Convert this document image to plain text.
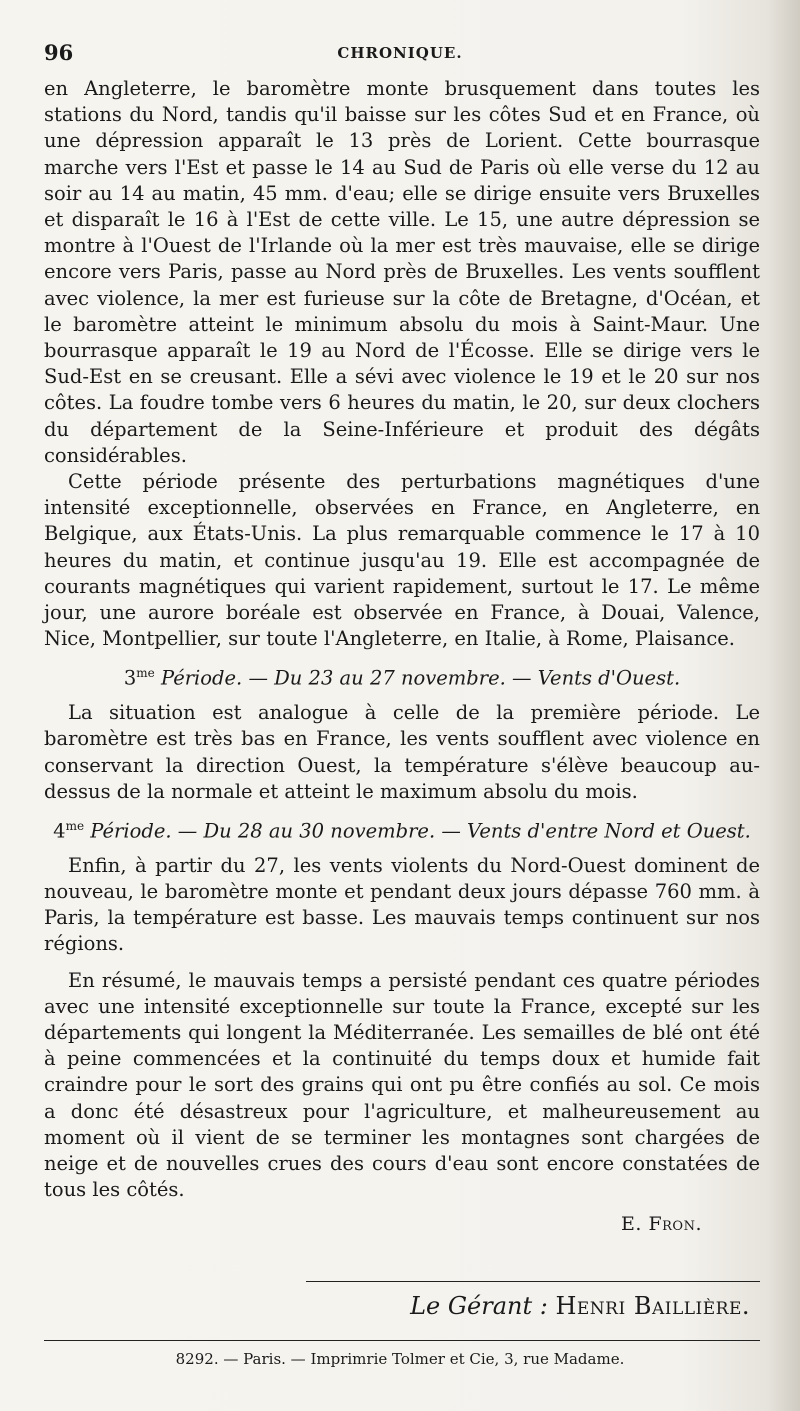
96	CHRONIQUE.

en Angleterre, le baromètre monte brusquement dans toutes les stations du Nord, tandis qu'il baisse sur les côtes Sud et en France, où une dépression apparaît le 13 près de Lorient. Cette bourrasque marche vers l'Est et passe le 14 au Sud de Paris où elle verse du 12 au soir au 14 au matin, 45 mm. d'eau; elle se dirige ensuite vers Bruxelles et disparaît le 16 à l'Est de cette ville. Le 15, une autre dépression se montre à l'Ouest de l'Irlande où la mer est très mauvaise, elle se dirige encore vers Paris, passe au Nord près de Bruxelles. Les vents soufflent avec violence, la mer est furieuse sur la côte de Bretagne, d'Océan, et le baromètre atteint le minimum absolu du mois à Saint-Maur. Une bourrasque apparaît le 19 au Nord de l'Écosse. Elle se dirige vers le Sud-Est en se creusant. Elle a sévi avec violence le 19 et le 20 sur nos côtes. La foudre tombe vers 6 heures du matin, le 20, sur deux clochers du département de la Seine-Inférieure et produit des dégâts considérables.

Cette période présente des perturbations magnétiques d'une intensité exceptionnelle, observées en France, en Angleterre, en Belgique, aux États-Unis. La plus remarquable commence le 17 à 10 heures du matin, et continue jusqu'au 19. Elle est accompagnée de courants magnétiques qui varient rapidement, surtout le 17. Le même jour, une aurore boréale est observée en France, à Douai, Valence, Nice, Montpellier, sur toute l'Angleterre, en Italie, à Rome, Plaisance.

$3^{me}$ Période. — Du 23 au 27 novembre. — Vents d'Ouest.

La situation est analogue à celle de la première période. Le baromètre est très bas en France, les vents soufflent avec violence en conservant la direction Ouest, la température s'élève beaucoup au-dessus de la normale et atteint le maximum absolu du mois.

$4^{me}$ Période. — Du 28 au 30 novembre. — Vents d'entre Nord et Ouest.

Enfin, à partir du 27, les vents violents du Nord-Ouest dominent de nouveau, le baromètre monte et pendant deux jours dépasse 760 mm. à Paris, la température est basse. Les mauvais temps continuent sur nos régions.

En résumé, le mauvais temps a persisté pendant ces quatre périodes avec une intensité exceptionnelle sur toute la France, excepté sur les départements qui longent la Méditerranée. Les semailles de blé ont été à peine commencées et la continuité du temps doux et humide fait craindre pour le sort des grains qui ont pu être confiés au sol. Ce mois a donc été désastreux pour l'agriculture, et malheureusement au moment où il vient de se terminer les montagnes sont chargées de neige et de nouvelles crues des cours d'eau sont encore constatées de tous les côtés.

E. Fron.
Le Gérant : Henri Baillière.
8292. — Paris. — Imprimrie Tolmer et Cie, 3, rue Madame.
